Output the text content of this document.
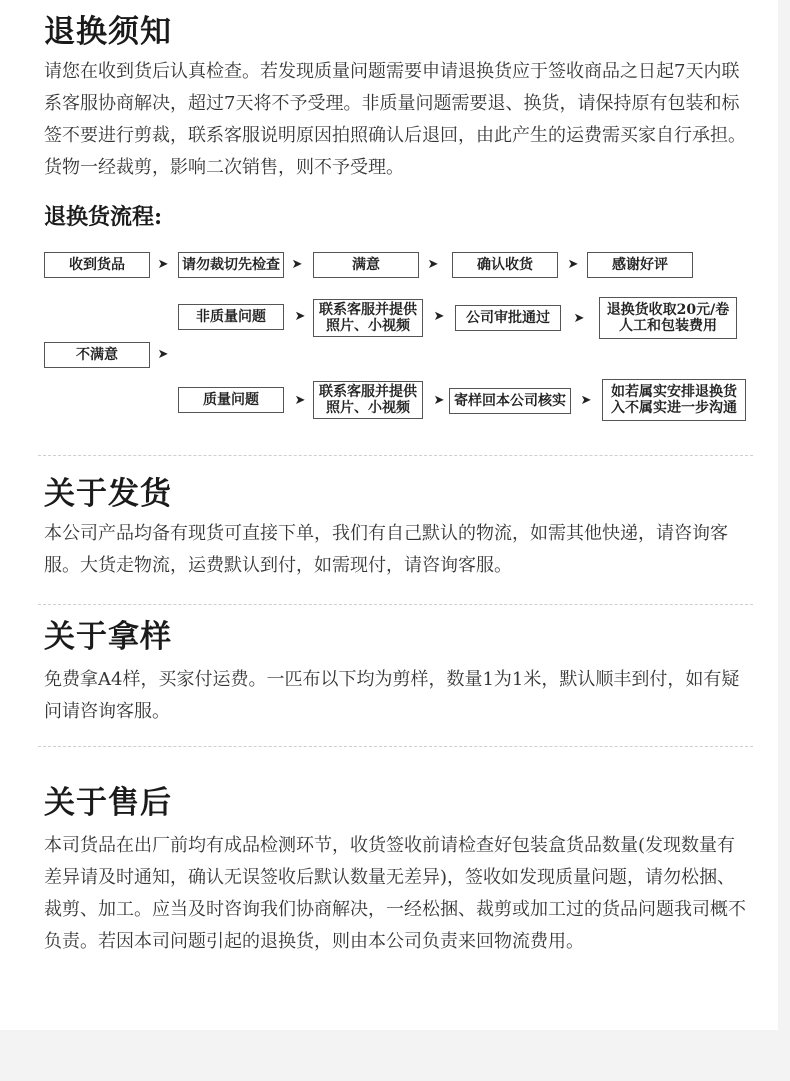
退换须知

请您在收到货后认真检查。若发现质量问题需要申请退换货应于签收商品之日起7天内联系客服协商解决，超过7天将不予受理。非质量问题需要退、换货，请保持原有包装和标签不要进行剪裁，联系客服说明原因拍照确认后退回，由此产生的运费需买家自行承担。货物一经裁剪，影响二次销售，则不予受理。

退换货流程:
收到货品	➤ 请勿裁切先检查 ➤	满意	➤	确认收货	➤	感谢好评
不满意	➤
非质量问题	➤ 联系客服并提供
照片、小视频
➤	公司审批通过	➤
退换货收取20元/卷
人工和包装费用
质量问题	➤
联系客服并提供
照片、小视频	➤ 寄样回本公司核实	➤
如若属实安排退换货
入不属实进一步沟通
关于发货

本公司产品均备有现货可直接下单，我们有自己默认的物流，如需其他快递，请咨询客服。大货走物流，运费默认到付，如需现付，请咨询客服。

关于拿样

免费拿A4样，买家付运费。一匹布以下均为剪样，数量1为1米，默认顺丰到付，如有疑问请咨询客服。

关于售后

本司货品在出厂前均有成品检测环节，收货签收前请检查好包装盒货品数量(发现数量有差异请及时通知，确认无误签收后默认数量无差异)，签收如发现质量问题，请勿松捆、裁剪、加工。应当及时咨询我们协商解决，一经松捆、裁剪或加工过的货品问题我司概不负责。若因本司问题引起的退换货，则由本公司负责来回物流费用。
